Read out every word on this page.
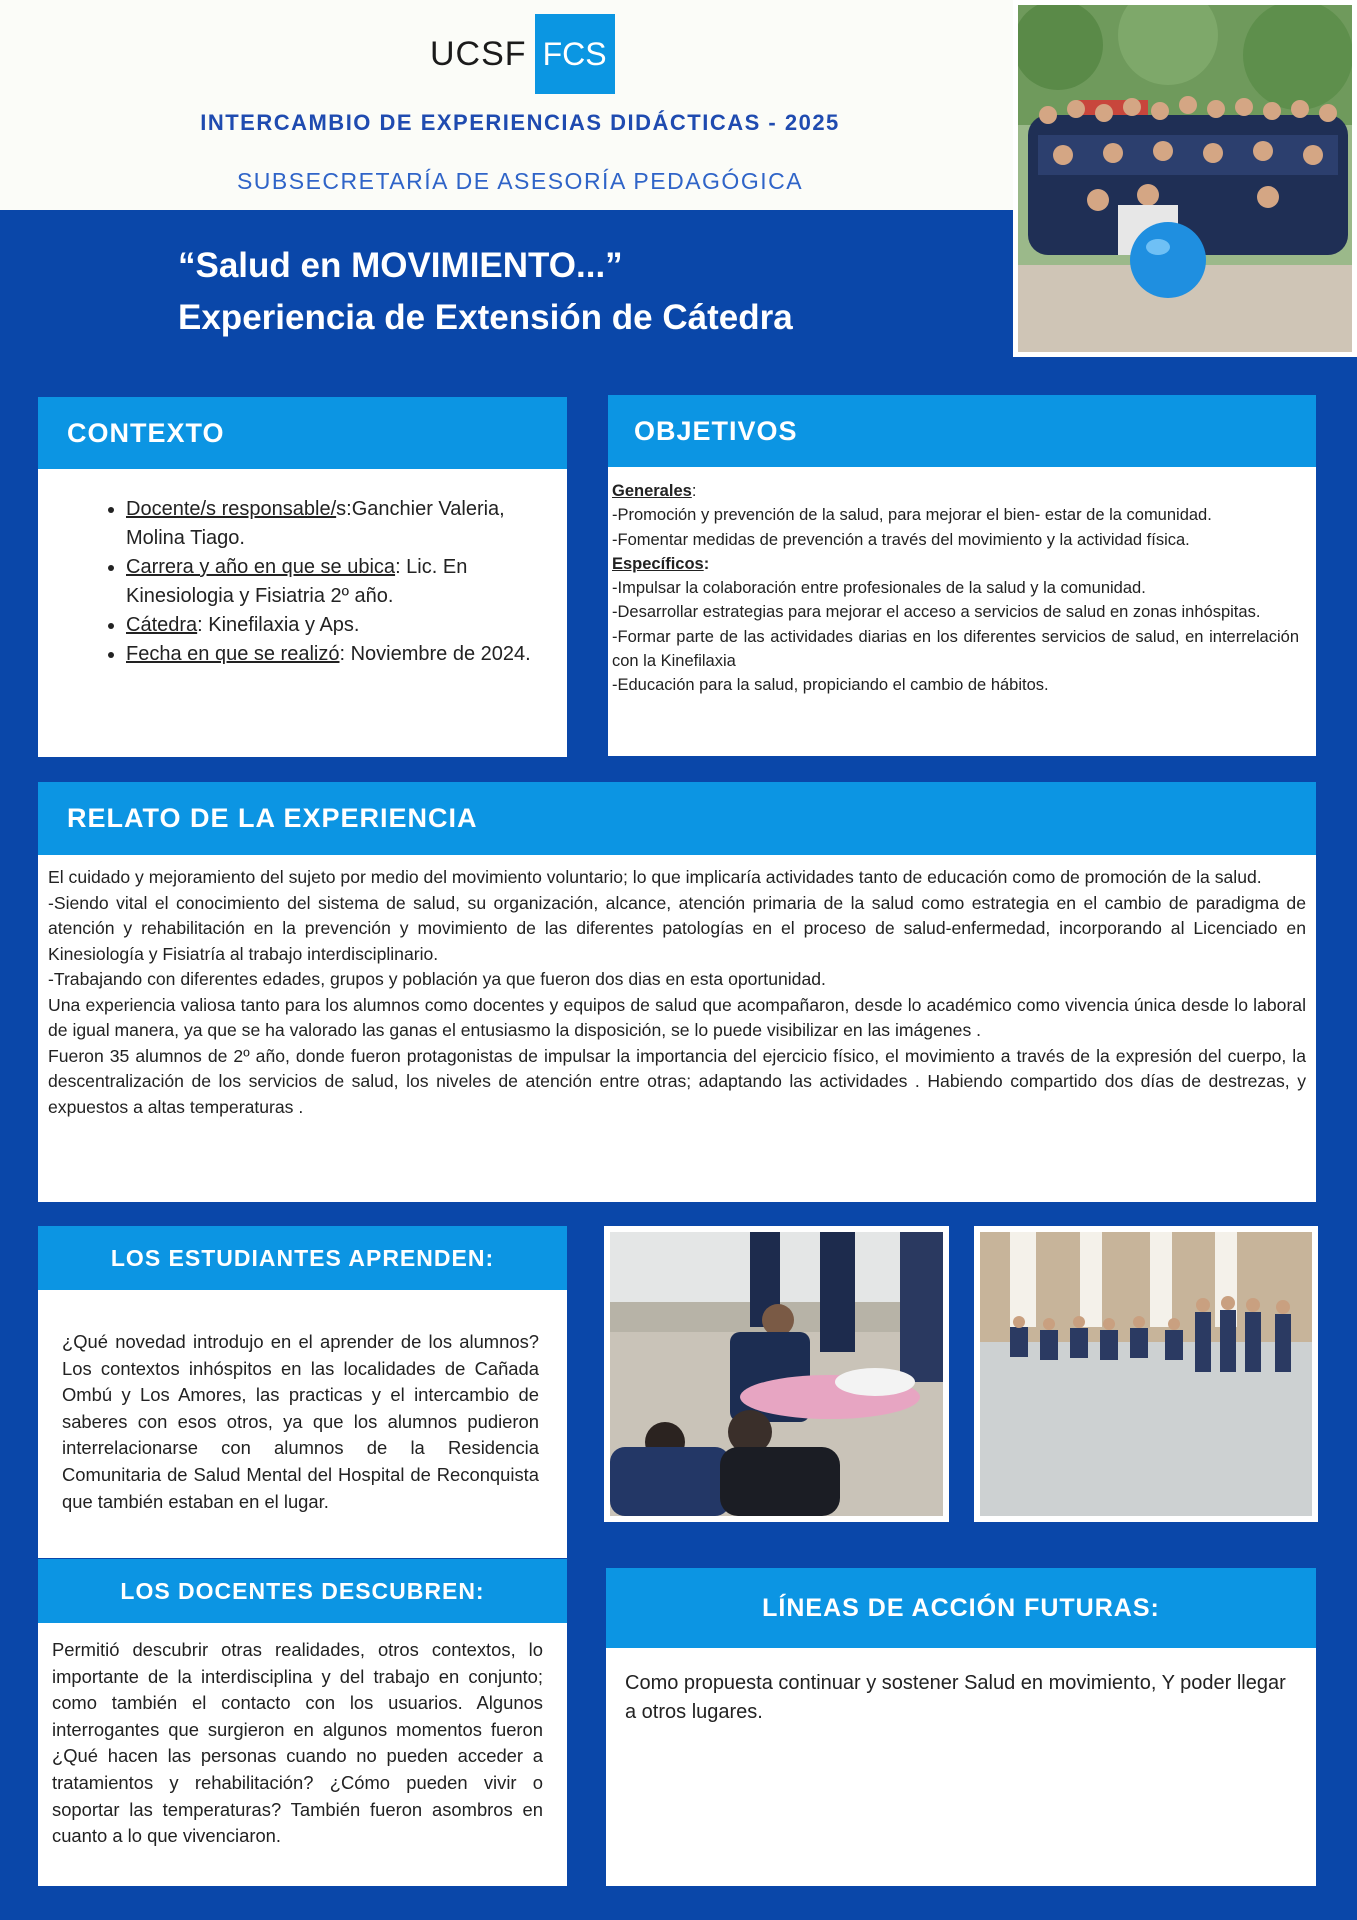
UCSF FCS
INTERCAMBIO DE EXPERIENCIAS DIDÁCTICAS - 2025
SUBSECRETARÍA DE ASESORÍA PEDAGÓGICA
“Salud en MOVIMIENTO...”
Experiencia de Extensión de Cátedra
CONTEXTO
• Docente/s responsable/s:Ganchier Valeria, Molina Tiago.
• Carrera y año en que se ubica: Lic. En Kinesiologia y Fisiatria 2º año.
• Cátedra: Kinefilaxia y Aps.
• Fecha en que se realizó: Noviembre de 2024.
OBJETIVOS
Generales:
-Promoción y prevención de la salud, para mejorar el bien- estar de la comunidad.
-Fomentar medidas de prevención a través del movimiento y la actividad física.
Específicos:
-Impulsar la colaboración entre profesionales de la salud y la comunidad.
-Desarrollar estrategias para mejorar el acceso a servicios de salud en zonas inhóspitas.
-Formar parte de las actividades diarias en los diferentes servicios de salud, en interrelación con la Kinefilaxia
-Educación para la salud, propiciando el cambio de hábitos.
RELATO DE LA EXPERIENCIA
El cuidado y mejoramiento del sujeto por medio del movimiento voluntario; lo que implicaría actividades tanto de educación como de promoción de la salud.
-Siendo vital el conocimiento del sistema de salud, su organización, alcance, atención primaria de la salud como estrategia en el cambio de paradigma de atención y rehabilitación en la prevención y movimiento de las diferentes patologías en el proceso de salud-enfermedad, incorporando al Licenciado en Kinesiología y Fisiatría al trabajo interdisciplinario.
-Trabajando con diferentes edades, grupos y población ya que fueron dos dias en esta oportunidad.
Una experiencia valiosa tanto para los alumnos como docentes y equipos de salud que acompañaron, desde lo académico como vivencia única desde lo laboral de igual manera, ya que se ha valorado las ganas el entusiasmo la disposición, se lo puede visibilizar en las imágenes .
Fueron 35 alumnos de 2º año, donde fueron protagonistas de impulsar la importancia del ejercicio físico, el movimiento a través de la expresión del cuerpo, la descentralización de los servicios de salud, los niveles de atención entre otras; adaptando las actividades . Habiendo compartido dos días de destrezas, y expuestos a altas temperaturas .
LOS ESTUDIANTES APRENDEN:
¿Qué novedad introdujo en el aprender de los alumnos? Los contextos inhóspitos en las localidades de Cañada Ombú y Los Amores, las practicas y el intercambio de saberes con esos otros, ya que los alumnos pudieron interrelacionarse con alumnos de la Residencia Comunitaria de Salud Mental del Hospital de Reconquista que también estaban en el lugar.
LOS DOCENTES DESCUBREN:
Permitió descubrir otras realidades, otros contextos, lo importante de la interdisciplina y del trabajo en conjunto; como también el contacto con los usuarios. Algunos interrogantes que surgieron en algunos momentos fueron ¿Qué hacen las personas cuando no pueden acceder a tratamientos y rehabilitación? ¿Cómo pueden vivir o soportar las temperaturas? También fueron asombros en cuanto a lo que vivenciaron.
LÍNEAS DE ACCIÓN FUTURAS:
Como propuesta continuar y sostener Salud en movimiento, Y poder llegar a otros lugares.
